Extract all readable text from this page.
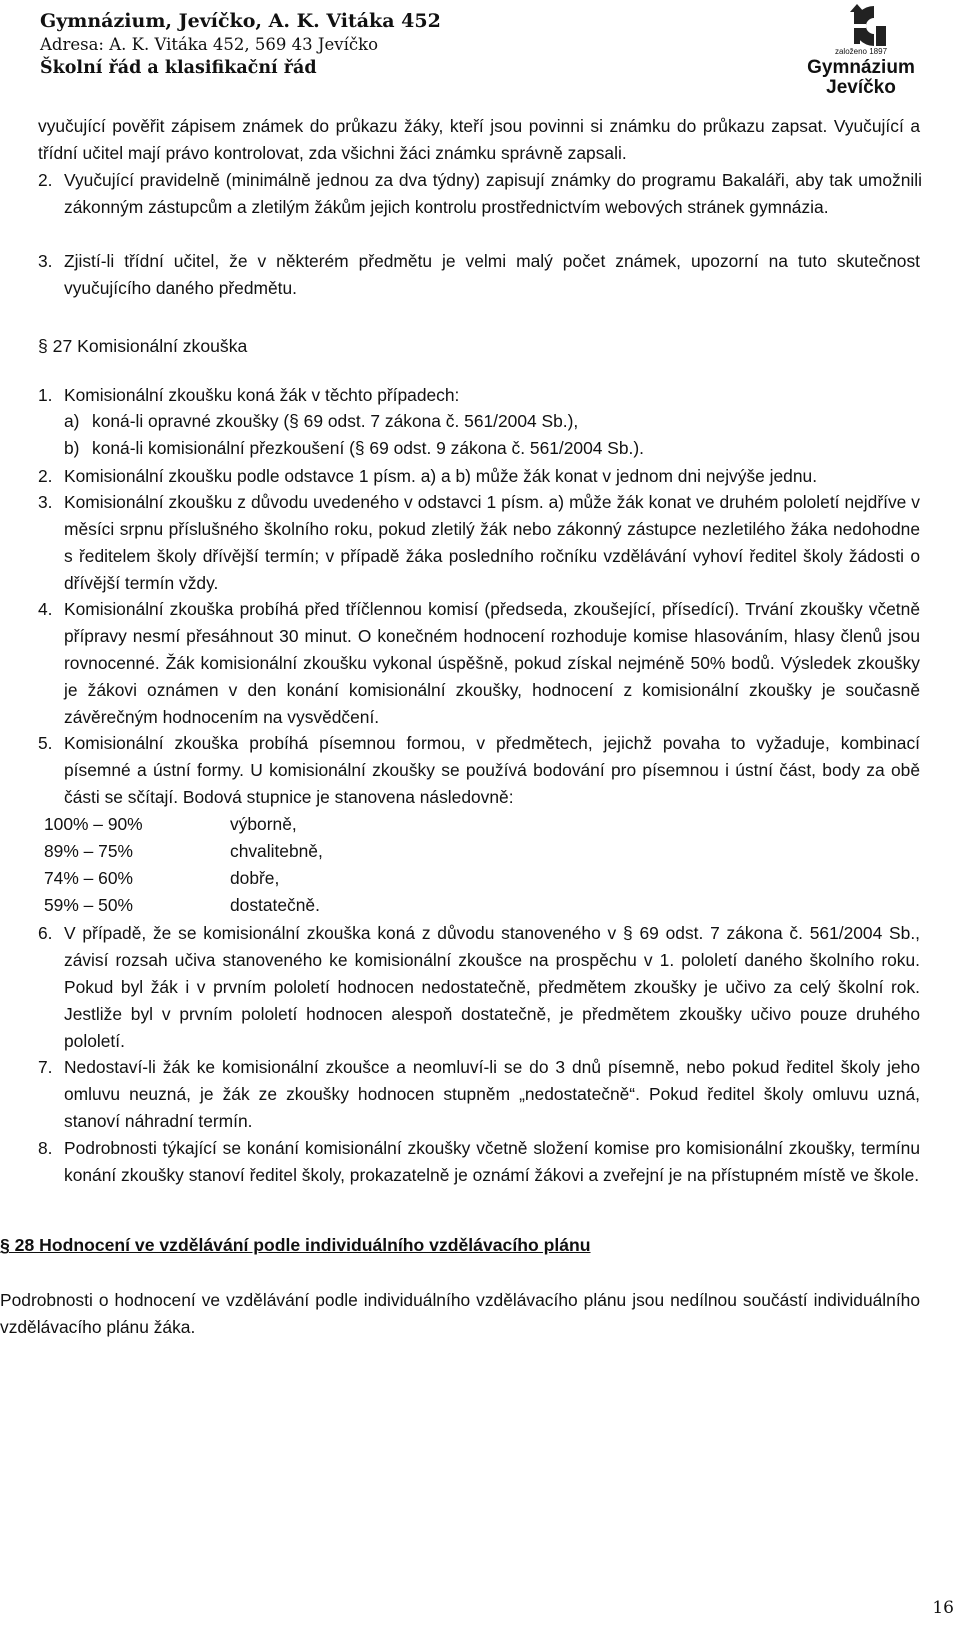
Gymnázium, Jevíčko, A. K. Vitáka 452
Adresa: A. K. Vitáka 452, 569 43 Jevíčko
Školní řád a klasifikační řád
založeno 1897
Gymnázium
Jevíčko
vyučující pověřit zápisem známek do průkazu žáky, kteří jsou povinni si známku do průkazu zapsat. Vyučující a třídní učitel mají právo kontrolovat, zda všichni žáci známku správně zapsali.
2. Vyučující pravidelně (minimálně jednou za dva týdny) zapisují známky do programu Bakaláři, aby tak umožnili zákonným zástupcům a zletilým žákům jejich kontrolu prostřednictvím webových stránek gymnázia.
3. Zjistí-li třídní učitel, že v některém předmětu je velmi malý počet známek, upozorní na tuto skutečnost vyučujícího daného předmětu.
§ 27 Komisionální zkouška
1. Komisionální zkoušku koná žák v těchto případech:
a) koná-li opravné zkoušky (§ 69 odst. 7 zákona č. 561/2004 Sb.),
b) koná-li komisionální přezkoušení (§ 69 odst. 9 zákona č. 561/2004 Sb.).
2. Komisionální zkoušku podle odstavce 1 písm. a) a b) může žák konat v jednom dni nejvýše jednu.
3. Komisionální zkoušku z důvodu uvedeného v odstavci 1 písm. a) může žák konat ve druhém pololetí nejdříve v měsíci srpnu příslušného školního roku, pokud zletilý žák nebo zákonný zástupce nezletilého žáka nedohodne s ředitelem školy dřívější termín; v případě žáka posledního ročníku vzdělávání vyhoví ředitel školy žádosti o dřívější termín vždy.
4. Komisionální zkouška probíhá před tříčlennou komisí (předseda, zkoušející, přísedící). Trvání zkoušky včetně přípravy nesmí přesáhnout 30 minut. O konečném hodnocení rozhoduje komise hlasováním, hlasy členů jsou rovnocenné. Žák komisionální zkoušku vykonal úspěšně, pokud získal nejméně 50% bodů. Výsledek zkoušky je žákovi oznámen v den konání komisionální zkoušky, hodnocení z komisionální zkoušky je současně závěrečným hodnocením na vysvědčení.
5. Komisionální zkouška probíhá písemnou formou, v předmětech, jejichž povaha to vyžaduje, kombinací písemné a ústní formy. U komisionální zkoušky se používá bodování pro písemnou i ústní část, body za obě části se sčítají. Bodová stupnice je stanovena následovně:
100% – 90%	výborně,
89% – 75%	chvalitebně,
74% – 60%	dobře,
59% – 50%	dostatečně.
6. V případě, že se komisionální zkouška koná z důvodu stanoveného v § 69 odst. 7 zákona č. 561/2004 Sb., závisí rozsah učiva stanoveného ke komisionální zkoušce na prospěchu v 1. pololetí daného školního roku. Pokud byl žák i v prvním pololetí hodnocen nedostatečně, předmětem zkoušky je učivo za celý školní rok. Jestliže byl v prvním pololetí hodnocen alespoň dostatečně, je předmětem zkoušky učivo pouze druhého pololetí.
7. Nedostaví-li žák ke komisionální zkoušce a neomluví-li se do 3 dnů písemně, nebo pokud ředitel školy jeho omluvu neuzná, je žák ze zkoušky hodnocen stupněm „nedostatečně“. Pokud ředitel školy omluvu uzná, stanoví náhradní termín.
8. Podrobnosti týkající se konání komisionální zkoušky včetně složení komise pro komisionální zkoušky, termínu konání zkoušky stanoví ředitel školy, prokazatelně je oznámí žákovi a zveřejní je na přístupném místě ve škole.
§ 28 Hodnocení ve vzdělávání podle individuálního vzdělávacího plánu
Podrobnosti o hodnocení ve vzdělávání podle individuálního vzdělávacího plánu jsou nedílnou součástí individuálního vzdělávacího plánu žáka.
16
